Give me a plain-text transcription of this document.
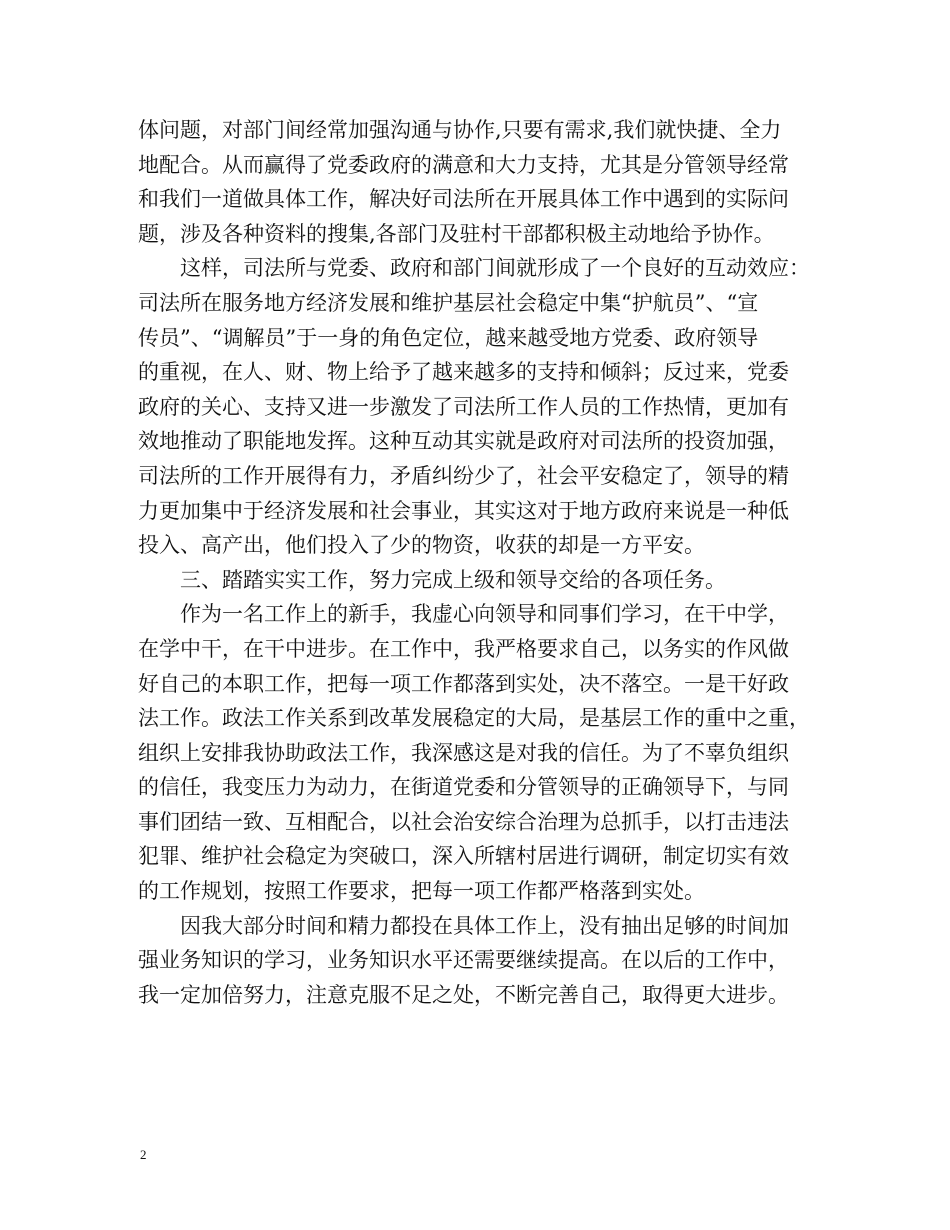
体问题，对部门间经常加强沟通与协作,只要有需求,我们就快捷、全力
地配合。从而赢得了党委政府的满意和大力支持，尤其是分管领导经常
和我们一道做具体工作，解决好司法所在开展具体工作中遇到的实际问
题，涉及各种资料的搜集,各部门及驻村干部都积极主动地给予协作。
　　这样，司法所与党委、政府和部门间就形成了一个良好的互动效应：
司法所在服务地方经济发展和维护基层社会稳定中集“护航员”、“宣
传员”、“调解员”于一身的角色定位，越来越受地方党委、政府领导
的重视，在人、财、物上给予了越来越多的支持和倾斜；反过来，党委
政府的关心、支持又进一步激发了司法所工作人员的工作热情，更加有
效地推动了职能地发挥。这种互动其实就是政府对司法所的投资加强，
司法所的工作开展得有力，矛盾纠纷少了，社会平安稳定了，领导的精
力更加集中于经济发展和社会事业，其实这对于地方政府来说是一种低
投入、高产出，他们投入了少的物资，收获的却是一方平安。
　　三、踏踏实实工作，努力完成上级和领导交给的各项任务。
　　作为一名工作上的新手，我虚心向领导和同事们学习，在干中学，
在学中干，在干中进步。在工作中，我严格要求自己，以务实的作风做
好自己的本职工作，把每一项工作都落到实处，决不落空。一是干好政
法工作。政法工作关系到改革发展稳定的大局，是基层工作的重中之重，
组织上安排我协助政法工作，我深感这是对我的信任。为了不辜负组织
的信任，我变压力为动力，在街道党委和分管领导的正确领导下，与同
事们团结一致、互相配合，以社会治安综合治理为总抓手，以打击违法
犯罪、维护社会稳定为突破口，深入所辖村居进行调研，制定切实有效
的工作规划，按照工作要求，把每一项工作都严格落到实处。
　　因我大部分时间和精力都投在具体工作上，没有抽出足够的时间加
强业务知识的学习，业务知识水平还需要继续提高。在以后的工作中，
我一定加倍努力，注意克服不足之处，不断完善自己，取得更大进步。
2
